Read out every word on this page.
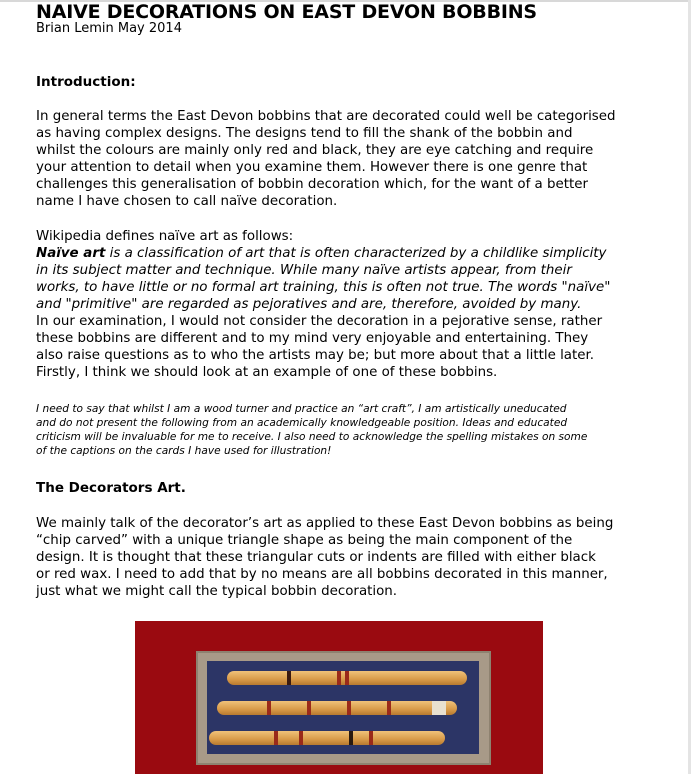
NAIVE DECORATIONS ON EAST DEVON BOBBINS
Brian Lemin May 2014
Introduction:
In general terms the East Devon bobbins that are decorated could well be categorised
as having complex designs. The designs tend to fill the shank of the bobbin and
whilst the colours are mainly only red and black, they are eye catching and require
your attention to detail when you examine them. However there is one genre that
challenges this generalisation of bobbin decoration which, for the want of a better
name I have chosen to call naïve decoration.
Wikipedia defines naïve art as follows:
Naïve art is a classification of art that is often characterized by a childlike simplicity
in its subject matter and technique. While many naïve artists appear, from their
works, to have little or no formal art training, this is often not true. The words "naïve"
and "primitive" are regarded as pejoratives and are, therefore, avoided by many.
In our examination, I would not consider the decoration in a pejorative sense, rather
these bobbins are different and to my mind very enjoyable and entertaining. They
also raise questions as to who the artists may be; but more about that a little later.
Firstly, I think we should look at an example of one of these bobbins.
I need to say that whilst I am a wood turner and practice an “art craft”, I am artistically uneducated
and do not present the following from an academically knowledgeable position. Ideas and educated
criticism will be invaluable for me to receive. I also need to acknowledge the spelling mistakes on some
of the captions on the cards I have used for illustration!
The Decorators Art.
We mainly talk of the decorator’s art as applied to these East Devon bobbins as being
“chip carved” with a unique triangle shape as being the main component of the
design. It is thought that these triangular cuts or indents are filled with either black
or red wax. I need to add that by no means are all bobbins decorated in this manner,
just what we might call the typical bobbin decoration.
